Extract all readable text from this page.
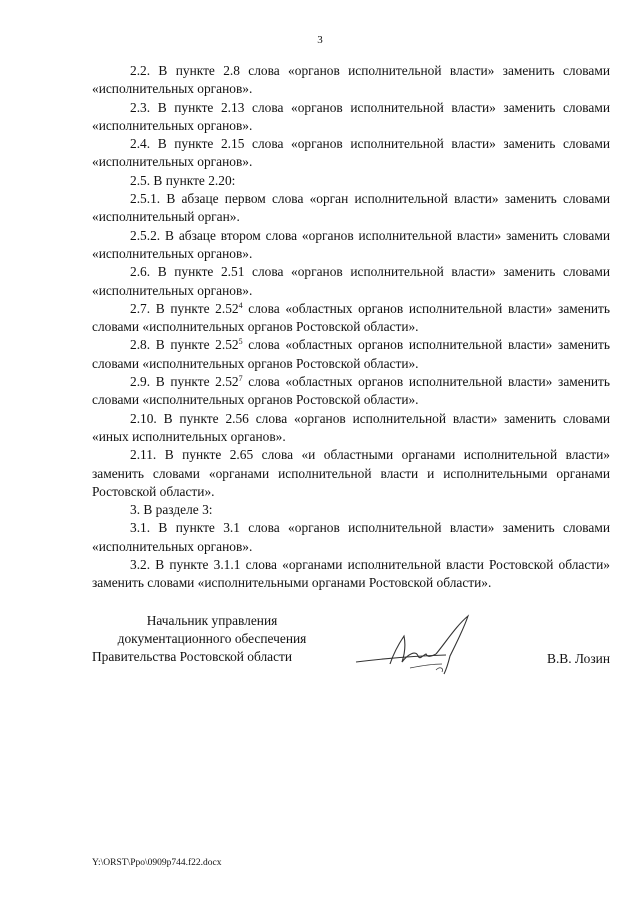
3

2.2. В пункте 2.8 слова «органов исполнительной власти» заменить словами «исполнительных органов».

2.3. В пункте 2.13 слова «органов исполнительной власти» заменить словами «исполнительных органов».

2.4. В пункте 2.15 слова «органов исполнительной власти» заменить словами «исполнительных органов».

2.5. В пункте 2.20:

2.5.1. В абзаце первом слова «орган исполнительной власти» заменить словами «исполнительный орган».

2.5.2. В абзаце втором слова «органов исполнительной власти» заменить словами «исполнительных органов».

2.6. В пункте 2.51 слова «органов исполнительной власти» заменить словами «исполнительных органов».

2.7. В пункте 2.52$^4$ слова «областных органов исполнительной власти» заменить словами «исполнительных органов Ростовской области».

2.8. В пункте 2.52$^5$ слова «областных органов исполнительной власти» заменить словами «исполнительных органов Ростовской области».

2.9. В пункте 2.52$^7$ слова «областных органов исполнительной власти» заменить словами «исполнительных органов Ростовской области».

2.10. В пункте 2.56 слова «органов исполнительной власти» заменить словами «иных исполнительных органов».

2.11. В пункте 2.65 слова «и областными органами исполнительной власти» заменить словами «органами исполнительной власти и исполнительными органами Ростовской области».

3. В разделе 3:

3.1. В пункте 3.1 слова «органов исполнительной власти» заменить словами «исполнительных органов».

3.2. В пункте 3.1.1 слова «органами исполнительной власти Ростовской области» заменить словами «исполнительными органами Ростовской области».

Начальник управления
документационного обеспечения
Правительства Ростовской области	В.В. Лозин
Y:\ORST\Ppo\0909p744.f22.docx
